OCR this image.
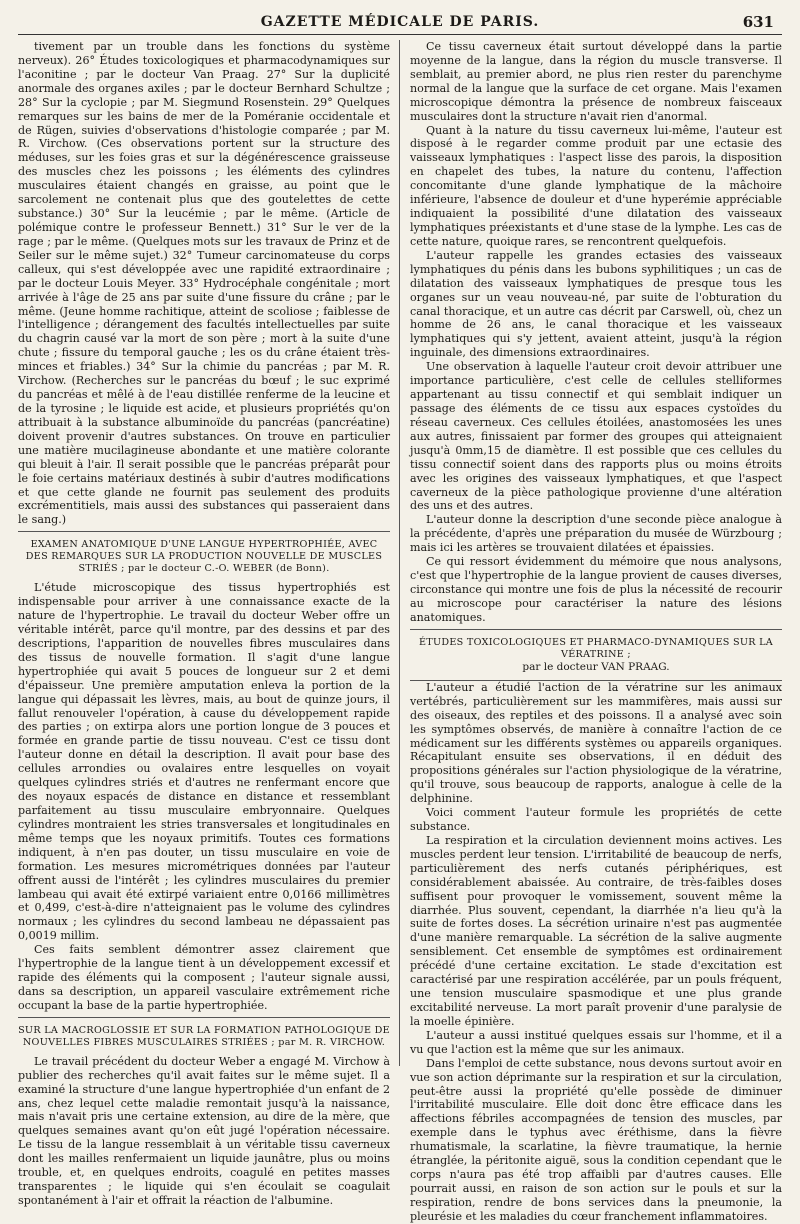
GAZETTE MÉDICALE DE PARIS.	631

tivement par un trouble dans les fonctions du système nerveux). 26° Études toxicologiques et pharmacodynamiques sur l'aconitine ; par le docteur Van Praag. 27° Sur la duplicité anormale des organes axiles ; par le docteur Bernhard Schultze ; 28° Sur la cyclopie ; par M. Siegmund Rosenstein. 29° Quelques remarques sur les bains de mer de la Poméranie occidentale et de Rügen, suivies d'observations d'histologie comparée ; par M. R. Virchow. (Ces observations portent sur la structure des méduses, sur les foies gras et sur la dégénérescence graisseuse des muscles chez les poissons ; les éléments des cylindres musculaires étaient changés en graisse, au point que le sarcolement ne contenait plus que des goutelettes de cette substance.) 30° Sur la leucémie ; par le même. (Article de polémique contre le professeur Bennett.) 31° Sur le ver de la rage ; par le même. (Quelques mots sur les travaux de Prinz et de Seiler sur le même sujet.) 32° Tumeur carcinomateuse du corps calleux, qui s'est développée avec une rapidité extraordinaire ; par le docteur Louis Meyer. 33° Hydrocéphale congénitale ; mort arrivée à l'âge de 25 ans par suite d'une fissure du crâne ; par le même. (Jeune homme rachitique, atteint de scoliose ; faiblesse de l'intelligence ; dérangement des facultés intellectuelles par suite du chagrin causé var la mort de son père ; mort à la suite d'une chute ; fissure du temporal gauche ; les os du crâne étaient très-minces et friables.) 34° Sur la chimie du pancréas ; par M. R. Virchow. (Recherches sur le pancréas du bœuf ; le suc exprimé du pancréas et mêlé à de l'eau distillée renferme de la leucine et de la tyrosine ; le liquide est acide, et plusieurs propriétés qu'on attribuait à la substance albuminoïde du pancréas (pancréatine) doivent provenir d'autres substances. On trouve en particulier une matière mucilagineuse abondante et une matière colorante qui bleuit à l'air. Il serait possible que le pancréas préparât pour le foie certains matériaux destinés à subir d'autres modifications et que cette glande ne fournit pas seulement des produits excrémentitiels, mais aussi des substances qui passeraient dans le sang.)

EXAMEN ANATOMIQUE D'UNE LANGUE HYPERTROPHIÉE, AVEC DES REMARQUES SUR LA PRODUCTION NOUVELLE DE MUSCLES STRIÉS ; par le docteur C.-O. WEBER (de Bonn).

L'étude microscopique des tissus hypertrophiés est indispensable pour arriver à une connaissance exacte de la nature de l'hypertrophie. Le travail du docteur Weber offre un véritable intérêt, parce qu'il montre, par des dessins et par des descriptions, l'apparition de nouvelles fibres musculaires dans des tissus de nouvelle formation. Il s'agit d'une langue hypertrophiée qui avait 5 pouces de longueur sur 2 et demi d'épaisseur. Une première amputation enleva la portion de la langue qui dépassait les lèvres, mais, au bout de quinze jours, il fallut renouveler l'opération, à cause du développement rapide des parties ; on extirpa alors une portion longue de 3 pouces et formée en grande partie de tissu nouveau. C'est ce tissu dont l'auteur donne en détail la description. Il avait pour base des cellules arrondies ou ovalaires entre lesquelles on voyait quelques cylindres striés et d'autres ne renfermant encore que des noyaux espacés de distance en distance et ressemblant parfaitement au tissu musculaire embryonnaire. Quelques cylindres montraient les stries transversales et longitudinales en même temps que les noyaux primitifs. Toutes ces formations indiquent, à n'en pas douter, un tissu musculaire en voie de formation. Les mesures micrométriques données par l'auteur offrent aussi de l'intérêt ; les cylindres musculaires du premier lambeau qui avait été extirpé variaient entre 0,0166 millimètres et 0,499, c'est-à-dire n'atteignaient pas le volume des cylindres normaux ; les cylindres du second lambeau ne dépassaient pas 0,0019 millim.

Ces faits semblent démontrer assez clairement que l'hypertrophie de la langue tient à un développement excessif et rapide des éléments qui la composent ; l'auteur signale aussi, dans sa description, un appareil vasculaire extrêmement riche occupant la base de la partie hypertrophiée.

SUR LA MACROGLOSSIE ET SUR LA FORMATION PATHOLOGIQUE DE NOUVELLES FIBRES MUSCULAIRES STRIÉES ; par M. R. VIRCHOW.

Le travail précédent du docteur Weber a engagé M. Virchow à publier des recherches qu'il avait faites sur le même sujet. Il a examiné la structure d'une langue hypertrophiée d'un enfant de 2 ans, chez lequel cette maladie remontait jusqu'à la naissance, mais n'avait pris une certaine extension, au dire de la mère, que quelques semaines avant qu'on eût jugé l'opération nécessaire. Le tissu de la langue ressemblait à un véritable tissu caverneux dont les mailles renfermaient un liquide jaunâtre, plus ou moins trouble, et, en quelques endroits, coagulé en petites masses transparentes ; le liquide qui s'en écoulait se coagulait spontanément à l'air et offrait la réaction de l'albumine.

Ce tissu caverneux était surtout développé dans la partie moyenne de la langue, dans la région du muscle transverse. Il semblait, au premier abord, ne plus rien rester du parenchyme normal de la langue que la surface de cet organe. Mais l'examen microscopique démontra la présence de nombreux faisceaux musculaires dont la structure n'avait rien d'anormal.

Quant à la nature du tissu caverneux lui-même, l'auteur est disposé à le regarder comme produit par une ectasie des vaisseaux lymphatiques : l'aspect lisse des parois, la disposition en chapelet des tubes, la nature du contenu, l'affection concomitante d'une glande lymphatique de la mâchoire inférieure, l'absence de douleur et d'une hyperémie appréciable indiquaient la possibilité d'une dilatation des vaisseaux lymphatiques préexistants et d'une stase de la lymphe. Les cas de cette nature, quoique rares, se rencontrent quelquefois.

L'auteur rappelle les grandes ectasies des vaisseaux lymphatiques du pénis dans les bubons syphilitiques ; un cas de dilatation des vaisseaux lymphatiques de presque tous les organes sur un veau nouveau-né, par suite de l'obturation du canal thoracique, et un autre cas décrit par Carswell, où, chez un homme de 26 ans, le canal thoracique et les vaisseaux lymphatiques qui s'y jettent, avaient atteint, jusqu'à la région inguinale, des dimensions extraordinaires.

Une observation à laquelle l'auteur croit devoir attribuer une importance particulière, c'est celle de cellules stelliformes appartenant au tissu connectif et qui semblait indiquer un passage des éléments de ce tissu aux espaces cystoïdes du réseau caverneux. Ces cellules étoilées, anastomosées les unes aux autres, finissaient par former des groupes qui atteignaient jusqu'à 0mm,15 de diamètre. Il est possible que ces cellules du tissu connectif soient dans des rapports plus ou moins étroits avec les origines des vaisseaux lymphatiques, et que l'aspect caverneux de la pièce pathologique provienne d'une altération des uns et des autres.

L'auteur donne la description d'une seconde pièce analogue à la précédente, d'après une préparation du musée de Würzbourg ; mais ici les artères se trouvaient dilatées et épaissies.

Ce qui ressort évidemment du mémoire que nous analysons, c'est que l'hypertrophie de la langue provient de causes diverses, circonstance qui montre une fois de plus la nécessité de recourir au microscope pour caractériser la nature des lésions anatomiques.

ÉTUDES TOXICOLOGIQUES ET PHARMACO-DYNAMIQUES SUR LA VÉRATRINE ;
par le docteur VAN PRAAG.

L'auteur a étudié l'action de la vératrine sur les animaux vertébrés, particulièrement sur les mammifères, mais aussi sur des oiseaux, des reptiles et des poissons. Il a analysé avec soin les symptômes observés, de manière à connaître l'action de ce médicament sur les différents systèmes ou appareils organiques. Récapitulant ensuite ses observations, il en déduit des propositions générales sur l'action physiologique de la vératrine, qu'il trouve, sous beaucoup de rapports, analogue à celle de la delphinine.

Voici comment l'auteur formule les propriétés de cette substance.

La respiration et la circulation deviennent moins actives. Les muscles perdent leur tension. L'irritabilité de beaucoup de nerfs, particulièrement des nerfs cutanés périphériques, est considérablement abaissée. Au contraire, de très-faibles doses suffisent pour provoquer le vomissement, souvent même la diarrhée. Plus souvent, cependant, la diarrhée n'a lieu qu'à la suite de fortes doses. La sécrétion urinaire n'est pas augmentée d'une manière remarquable. La sécrétion de la salive augmente sensiblement. Cet ensemble de symptômes est ordinairement précédé d'une certaine excitation. Le stade d'excitation est caractérisé par une respiration accélérée, par un pouls fréquent, une tension musculaire spasmodique et une plus grande excitabilité nerveuse. La mort paraît provenir d'une paralysie de la moelle épinière.

L'auteur a aussi institué quelques essais sur l'homme, et il a vu que l'action est la même que sur les animaux.

Dans l'emploi de cette substance, nous devons surtout avoir en vue son action déprimante sur la respiration et sur la circulation, peut-être aussi la propriété qu'elle possède de diminuer l'irritabilité musculaire. Elle doit donc être efficace dans les affections fébriles accompagnées de tension des muscles, par exemple dans le typhus avec éréthisme, dans la fièvre rhumatismale, la scarlatine, la fièvre traumatique, la hernie étranglée, la péritonite aiguë, sous la condition cependant que le corps n'aura pas été trop affaibli par d'autres causes. Elle pourrait aussi, en raison de son action sur le pouls et sur la respiration, rendre de bons services dans la pneumonie, la pleurésie et les maladies du cœur franchement inflammatoires.
